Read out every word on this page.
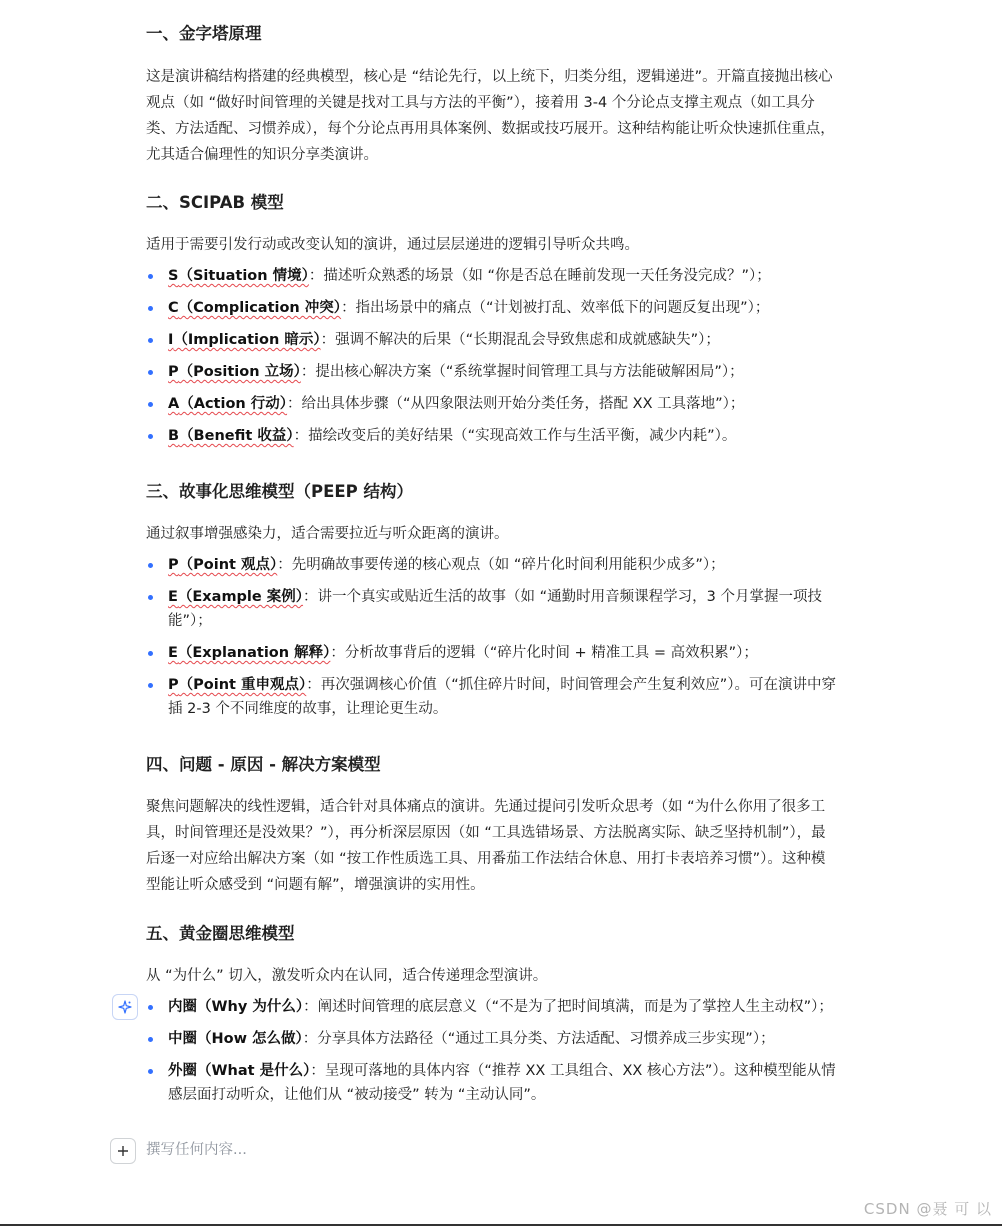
一、金字塔原理

这是演讲稿结构搭建的经典模型，核心是 “结论先行，以上统下，归类分组，逻辑递进”。开篇直接抛出核心观点（如 “做好时间管理的关键是找对工具与方法的平衡”），接着用 3-4 个分论点支撑主观点（如工具分类、方法适配、习惯养成），每个分论点再用具体案例、数据或技巧展开。这种结构能让听众快速抓住重点，尤其适合偏理性的知识分享类演讲。

二、SCIPAB 模型

适用于需要引发行动或改变认知的演讲，通过层层递进的逻辑引导听众共鸣。

S（Situation 情境）：描述听众熟悉的场景（如 “你是否总在睡前发现一天任务没完成？”）；
C（Complication 冲突）：指出场景中的痛点（“计划被打乱、效率低下的问题反复出现”）；
I（Implication 暗示）：强调不解决的后果（“长期混乱会导致焦虑和成就感缺失”）；
P（Position 立场）：提出核心解决方案（“系统掌握时间管理工具与方法能破解困局”）；
A（Action 行动）：给出具体步骤（“从四象限法则开始分类任务，搭配 XX 工具落地”）；
B（Benefit 收益）：描绘改变后的美好结果（“实现高效工作与生活平衡，减少内耗”）。
三、故事化思维模型（PEEP 结构）

通过叙事增强感染力，适合需要拉近与听众距离的演讲。

P（Point 观点）：先明确故事要传递的核心观点（如 “碎片化时间利用能积少成多”）；
E（Example 案例）：讲一个真实或贴近生活的故事（如 “通勤时用音频课程学习，3 个月掌握一项技能”）；
E（Explanation 解释）：分析故事背后的逻辑（“碎片化时间 + 精准工具 = 高效积累”）；
P（Point 重申观点）：再次强调核心价值（“抓住碎片时间，时间管理会产生复利效应”）。可在演讲中穿插 2-3 个不同维度的故事，让理论更生动。
四、问题 - 原因 - 解决方案模型

聚焦问题解决的线性逻辑，适合针对具体痛点的演讲。先通过提问引发听众思考（如 “为什么你用了很多工具，时间管理还是没效果？”），再分析深层原因（如 “工具选错场景、方法脱离实际、缺乏坚持机制”），最后逐一对应给出解决方案（如 “按工作性质选工具、用番茄工作法结合休息、用打卡表培养习惯”）。这种模型能让听众感受到 “问题有解”，增强演讲的实用性。

五、黄金圈思维模型

从 “为什么” 切入，激发听众内在认同，适合传递理念型演讲。

内圈（Why 为什么）：阐述时间管理的底层意义（“不是为了把时间填满，而是为了掌控人生主动权”）；
中圈（How 怎么做）：分享具体方法路径（“通过工具分类、方法适配、习惯养成三步实现”）；
外圈（What 是什么）：呈现可落地的具体内容（“推荐 XX 工具组合、XX 核心方法”）。这种模型能从情感层面打动听众，让他们从 “被动接受” 转为 “主动认同”。
撰写任何内容...
CSDN @聂 可 以
